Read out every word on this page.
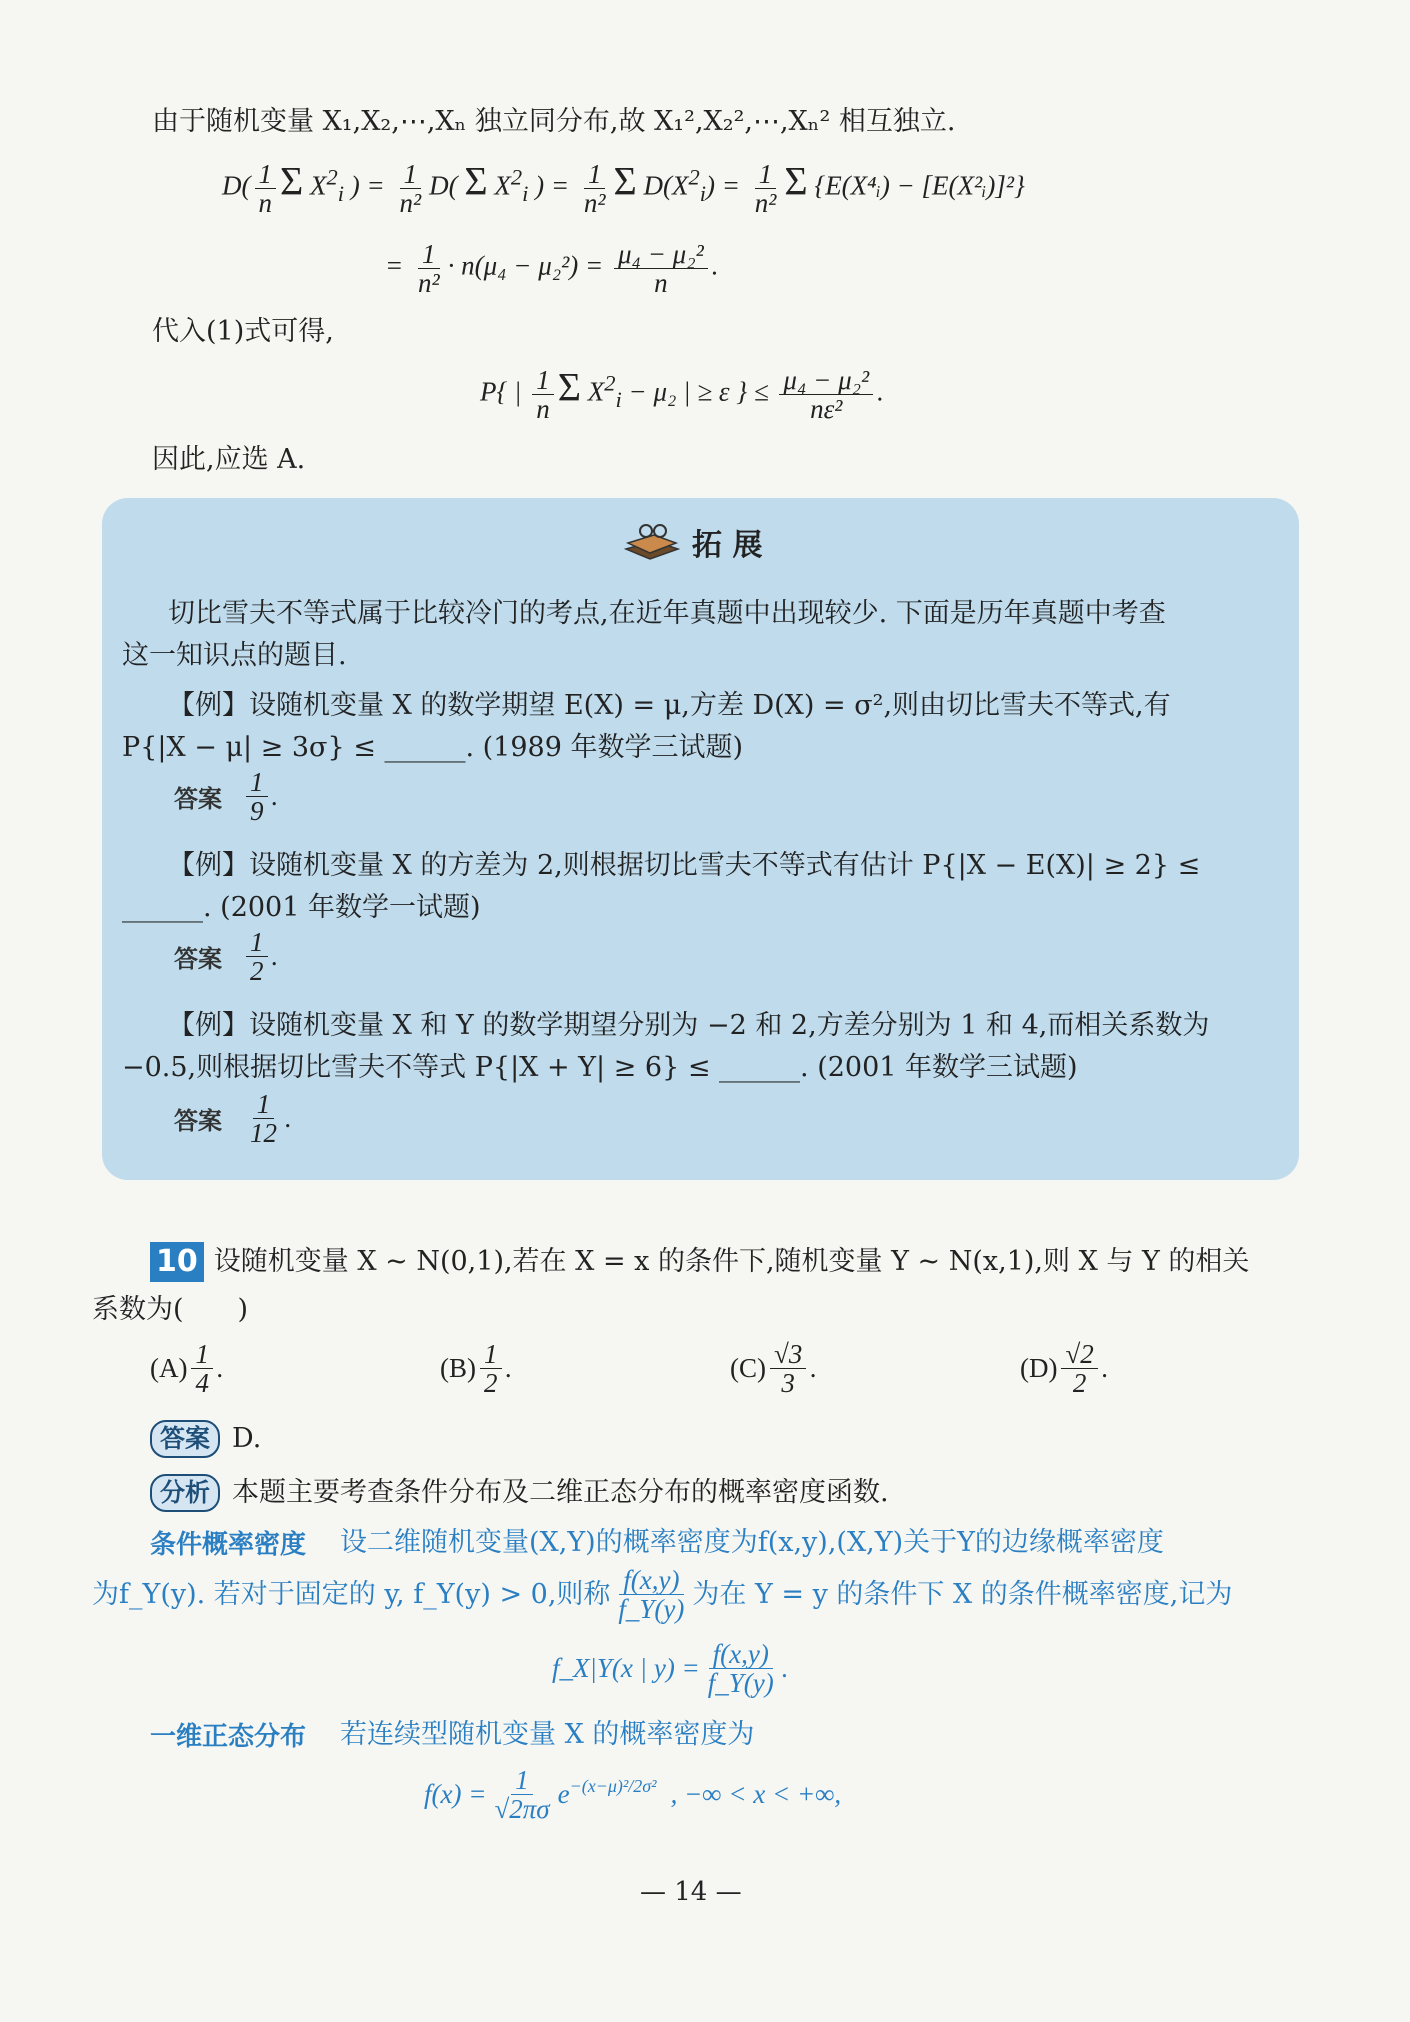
由于随机变量 X₁,X₂,⋯,Xₙ 独立同分布,故 X₁²,X₂²,⋯,Xₙ² 相互独立.
$D( \frac{1}{n}$ Σ $X^2_i$ ) = $\frac{1}{\text{n²}} D$( Σ $X^2_i$ ) = $\frac{1}{\text{n²}}$ Σ $D(X^2_i) = \frac{1}{\text{n²}}$ Σ {E(X⁴ᵢ) − [E(X²ᵢ)]²}
= $\frac{1}{\text{n²}} \cdot n(\mu_4 - \mu_2^2) = \frac{\text{μ₄ − μ₂²}}{n}$ .
代入(1)式可得,
P{ | $\frac{1}{n}$ Σ $X^2_i - \mu_2$ | ≥ ε } ≤ $\frac{\text{μ₄ − μ₂²}}{\text{nε²}}$ .
因此,应选 A.
拓 展
切比雪夫不等式属于比较冷门的考点,在近年真题中出现较少. 下面是历年真题中考查
这一知识点的题目.
【例】设随机变量 X 的数学期望 E(X) = μ,方差 D(X) = σ²,则由切比雪夫不等式,有
P{|X − μ| ≥ 3σ} ≤ ______. (1989 年数学三试题)
答案 $\frac{1}{9}$ .
【例】设随机变量 X 的方差为 2,则根据切比雪夫不等式有估计 P{|X − E(X)| ≥ 2} ≤
______. (2001 年数学一试题)
答案 $\frac{1}{2}$ .
【例】设随机变量 X 和 Y 的数学期望分别为 −2 和 2,方差分别为 1 和 4,而相关系数为
−0.5,则根据切比雪夫不等式 P{|X + Y| ≥ 6} ≤ ______. (2001 年数学三试题)
答案 $\frac{1}{12}$ .
10 设随机变量 X ~ N(0,1),若在 X = x 的条件下,随机变量 Y ~ N(x,1),则 X 与 Y 的相关
系数为(　　)
$(A) \frac{1}{4}$ .	$(B) \frac{1}{2}$ .	$(C) \frac{√3}{3}$ .	$(D) \frac{√2}{2}$ .
答案 D.
分析 本题主要考查条件分布及二维正态分布的概率密度函数.
条件概率密度 设二维随机变量(X,Y)的概率密度为f(x,y),(X,Y)关于Y的边缘概率密度
为f_Y(y). 若对于固定的 y, f_Y(y) > 0,则称 $\frac{f(x,y)}{f\_Y(y)}$ 为在 Y = y 的条件下 X 的条件概率密度,记为
f_X|Y(x | $y) = \frac{f(x,y)}{f\_Y(y)}$ .
一维正态分布 若连续型随机变量 X 的概率密度为
$f(x) = \frac{1}{√2\pi\sigma} e^{-(x-\mu)^2/2\sigma^2}$ , −∞ < x < +∞,
— 14 —
